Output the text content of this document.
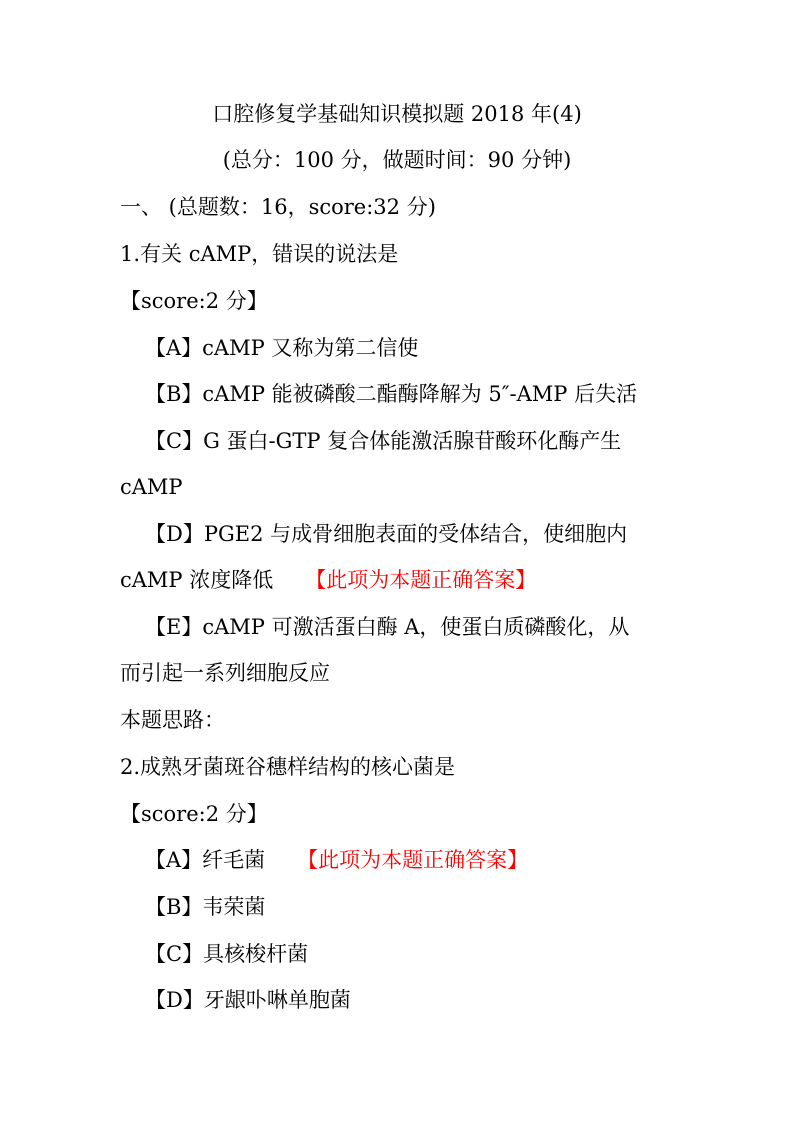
口腔修复学基础知识模拟题 2018 年(4)
(总分：100 分，做题时间：90 分钟)
一、 (总题数：16，score:32 分)
1.有关 cAMP，错误的说法是
【score:2 分】
【A】cAMP 又称为第二信使
【B】cAMP 能被磷酸二酯酶降解为 5″-AMP 后失活
【C】G 蛋白-GTP 复合体能激活腺苷酸环化酶产生
cAMP
【D】PGE2 与成骨细胞表面的受体结合，使细胞内
cAMP 浓度降低 【此项为本题正确答案】
【E】cAMP 可激活蛋白酶 A，使蛋白质磷酸化，从
而引起一系列细胞反应
本题思路：
2.成熟牙菌斑谷穗样结构的核心菌是
【score:2 分】
【A】纤毛菌 【此项为本题正确答案】
【B】韦荣菌
【C】具核梭杆菌
【D】牙龈卟啉单胞菌
